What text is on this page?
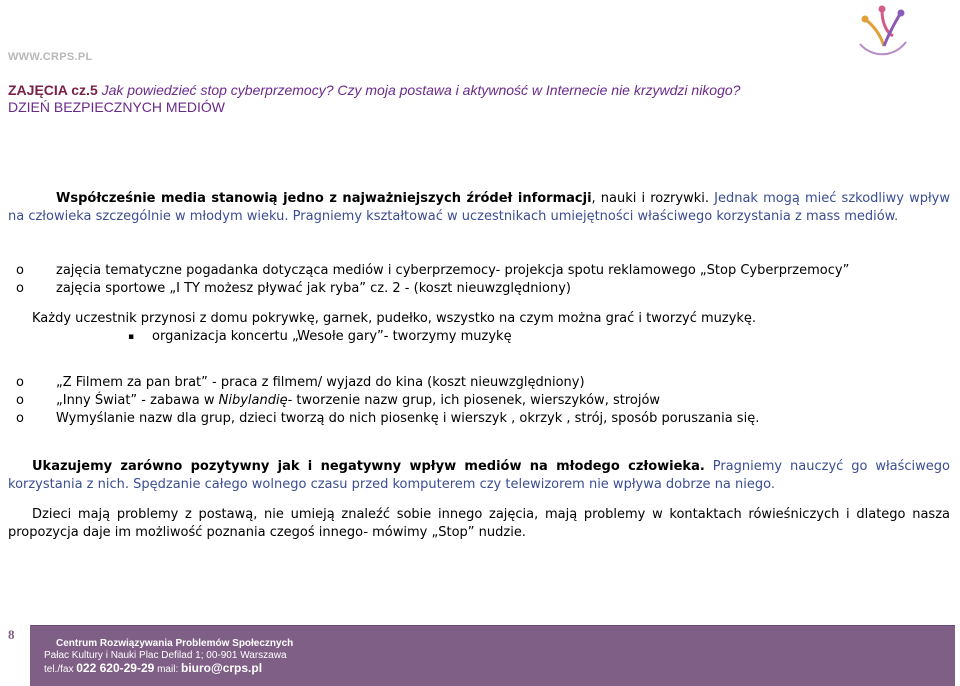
WWW.CRPS.PL
ZAJĘCIA cz.5 Jak powiedzieć stop cyberprzemocy? Czy moja postawa i aktywność w Internecie nie krzywdzi nikogo?
DZIEŃ BEZPIECZNYCH MEDIÓW
Współcześnie media stanowią jedno z najważniejszych źródeł informacji, nauki i rozrywki. Jednak mogą mieć szkodliwy wpływ na człowieka szczególnie w młodym wieku. Pragniemy kształtować w uczestnikach umiejętności właściwego korzystania z mass mediów.
o zajęcia tematyczne pogadanka dotycząca mediów i cyberprzemocy- projekcja spotu reklamowego „Stop Cyberprzemocy”
o zajęcia sportowe „I TY możesz pływać jak ryba” cz. 2 - (koszt nieuwzględniony)
Każdy uczestnik przynosi z domu pokrywkę, garnek, pudełko, wszystko na czym można grać i tworzyć muzykę.
▪ organizacja koncertu „Wesołe gary”- tworzymy muzykę
o „Z Filmem za pan brat” - praca z filmem/ wyjazd do kina (koszt nieuwzględniony)
o „Inny Świat” - zabawa w Nibylandię- tworzenie nazw grup, ich piosenek, wierszyków, strojów
o Wymyślanie nazw dla grup, dzieci tworzą do nich piosenkę i wierszyk , okrzyk , strój, sposób poruszania się.
Ukazujemy zarówno pozytywny jak i negatywny wpływ mediów na młodego człowieka. Pragniemy nauczyć go właściwego korzystania z nich. Spędzanie całego wolnego czasu przed komputerem czy telewizorem nie wpływa dobrze na niego.
Dzieci mają problemy z postawą, nie umieją znaleźć sobie innego zajęcia, mają problemy w kontaktach rówieśniczych i dlatego nasza propozycja daje im możliwość poznania czegoś innego- mówimy „Stop” nudzie.
8
Centrum Rozwiązywania Problemów Społecznych
Pałac Kultury i Nauki Plac Defilad 1; 00-901 Warszawa
tel./fax 022 620-29-29 mail: biuro@crps.pl
